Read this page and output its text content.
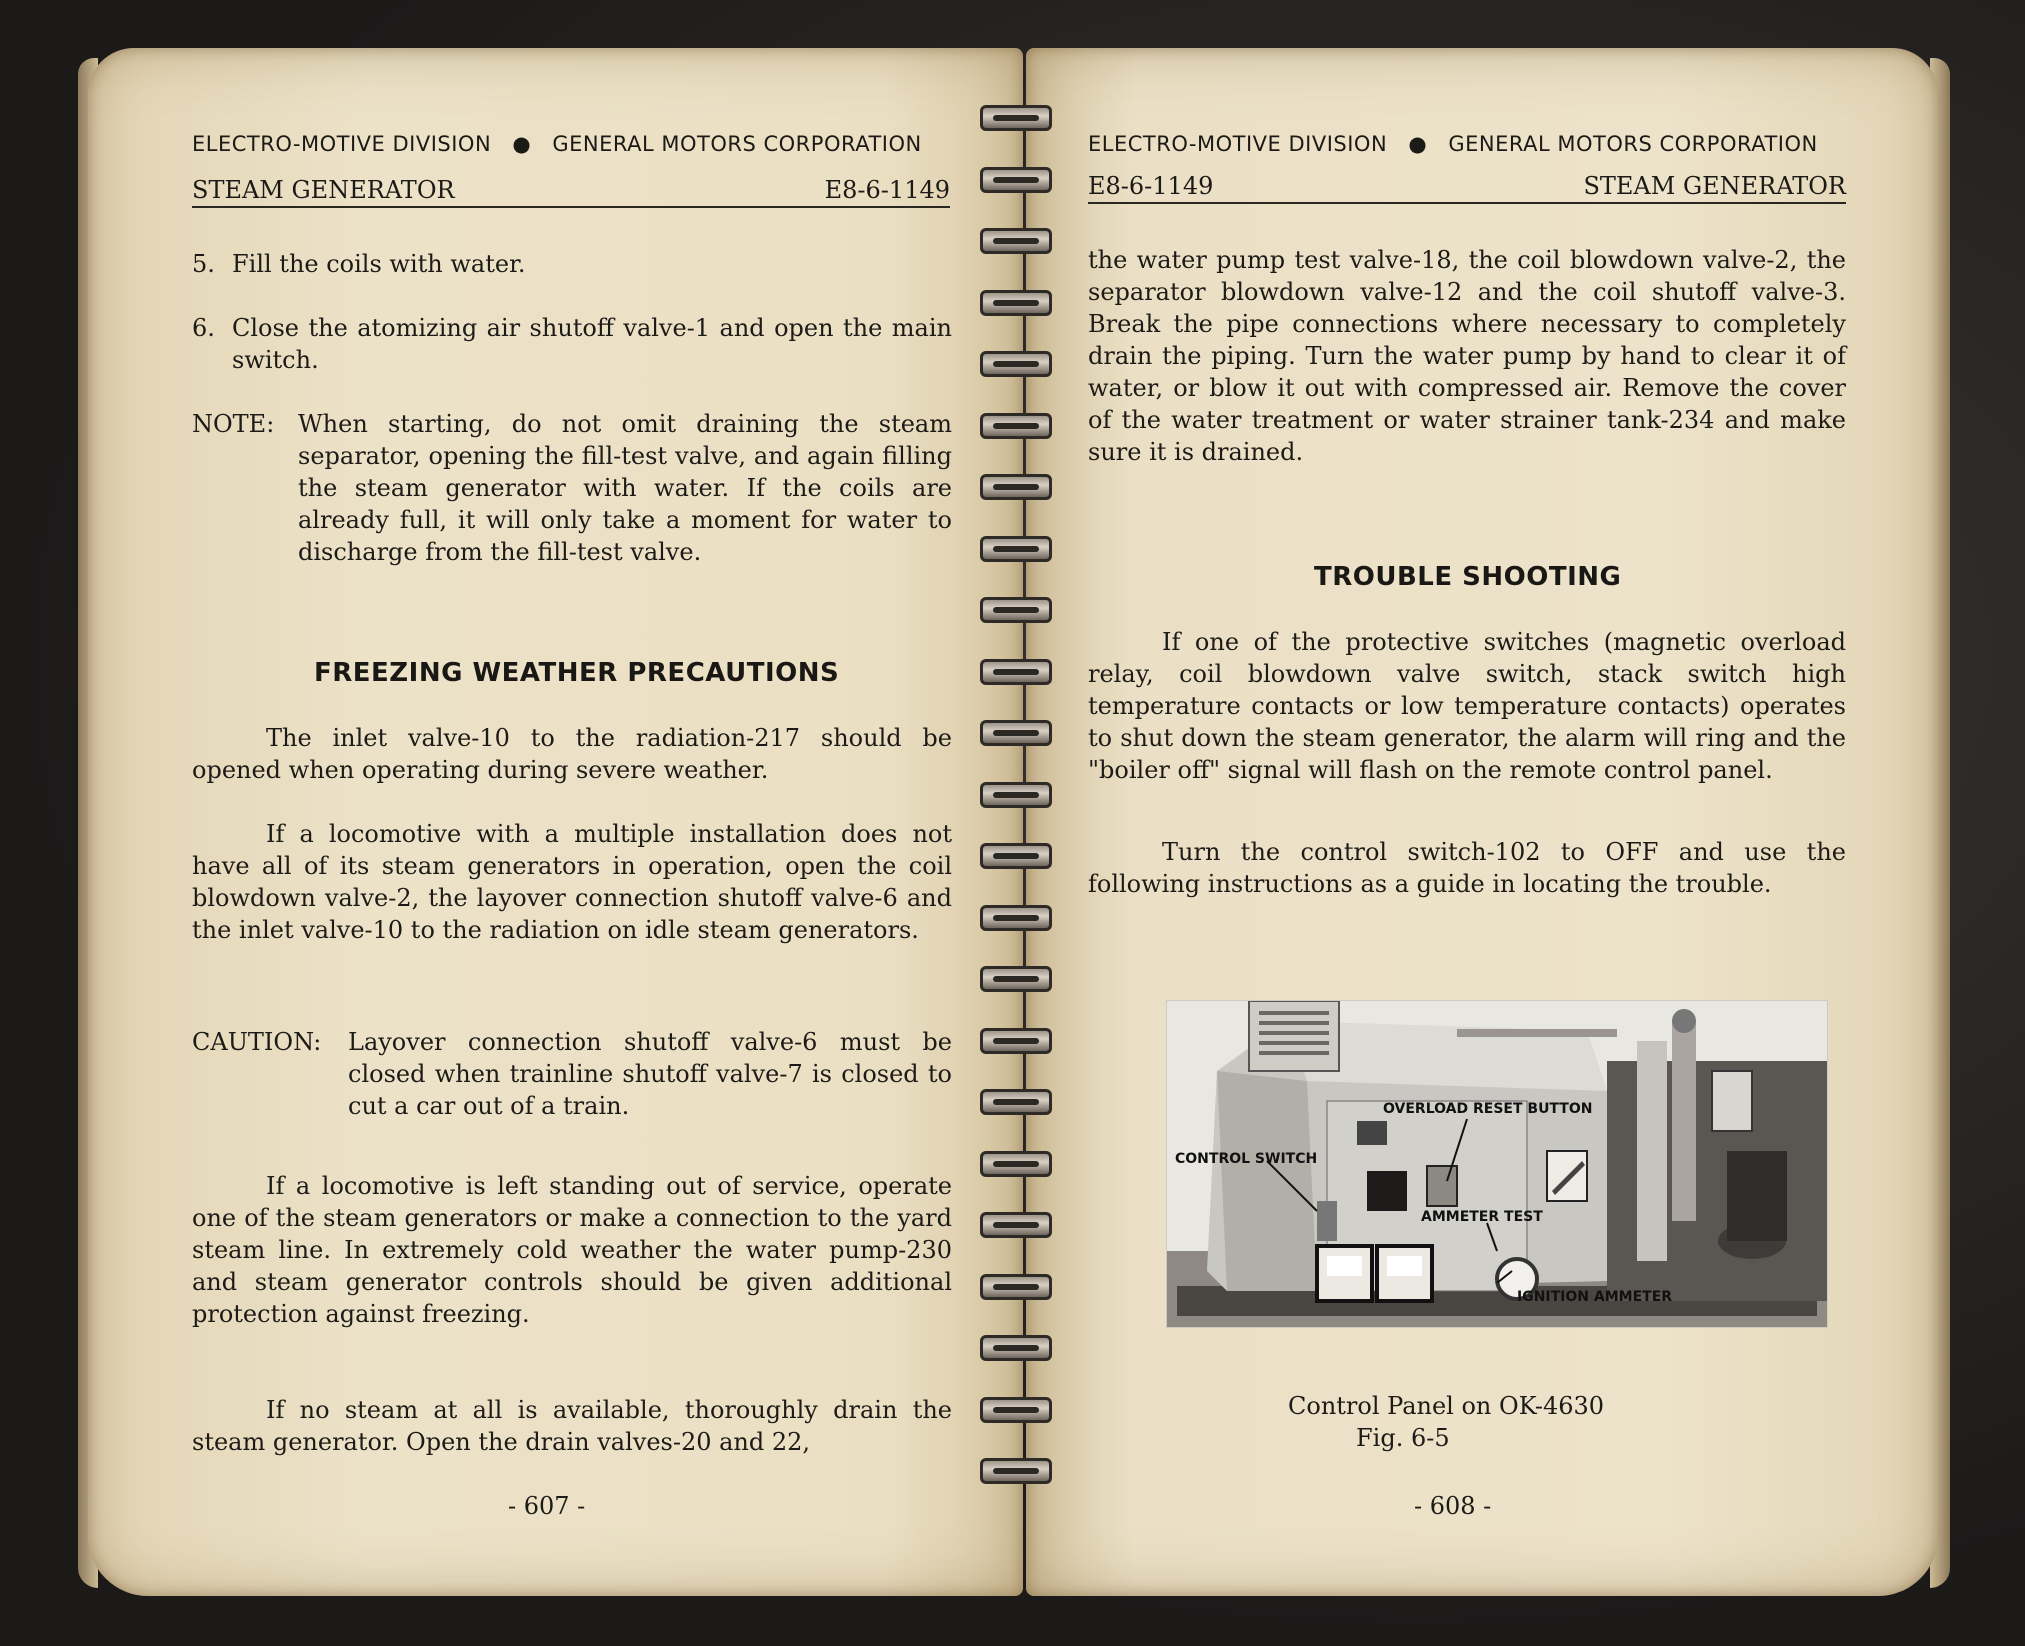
ELECTRO-MOTIVE DIVISION ● GENERAL MOTORS CORPORATION
STEAM GENERATOR	E8-6-1149
5. Fill the coils with water.
6. Close the atomizing air shutoff valve-1 and open the main switch.
NOTE: When starting, do not omit draining the steam separator, opening the fill-test valve, and again filling the steam generator with water. If the coils are already full, it will only take a moment for water to discharge from the fill-test valve.
FREEZING WEATHER PRECAUTIONS
The inlet valve-10 to the radiation-217 should be opened when operating during severe weather.
If a locomotive with a multiple installation does not have all of its steam generators in operation, open the coil blowdown valve-2, the layover connection shutoff valve-6 and the inlet valve-10 to the radiation on idle steam generators.
CAUTION: Layover connection shutoff valve-6 must be closed when trainline shutoff valve-7 is closed to cut a car out of a train.
If a locomotive is left standing out of service, operate one of the steam generators or make a connection to the yard steam line. In extremely cold weather the water pump-230 and steam generator controls should be given additional protection against freezing.
If no steam at all is available, thoroughly drain the steam generator. Open the drain valves-20 and 22,
- 607 -
ELECTRO-MOTIVE DIVISION ● GENERAL MOTORS CORPORATION
E8-6-1149	STEAM GENERATOR
the water pump test valve-18, the coil blowdown valve-2, the separator blowdown valve-12 and the coil shutoff valve-3. Break the pipe connections where necessary to completely drain the piping. Turn the water pump by hand to clear it of water, or blow it out with compressed air. Remove the cover of the water treatment or water strainer tank-234 and make sure it is drained.
TROUBLE SHOOTING
If one of the protective switches (magnetic overload relay, coil blowdown valve switch, stack switch high temperature contacts or low temperature contacts) operates to shut down the steam generator, the alarm will ring and the "boiler off" signal will flash on the remote control panel.
Turn the control switch-102 to OFF and use the following instructions as a guide in locating the trouble.
Control Panel on OK-4630
Fig. 6-5
- 608 -
OVERLOAD RESET BUTTON
CONTROL SWITCH
AMMETER TEST
IGNITION AMMETER
